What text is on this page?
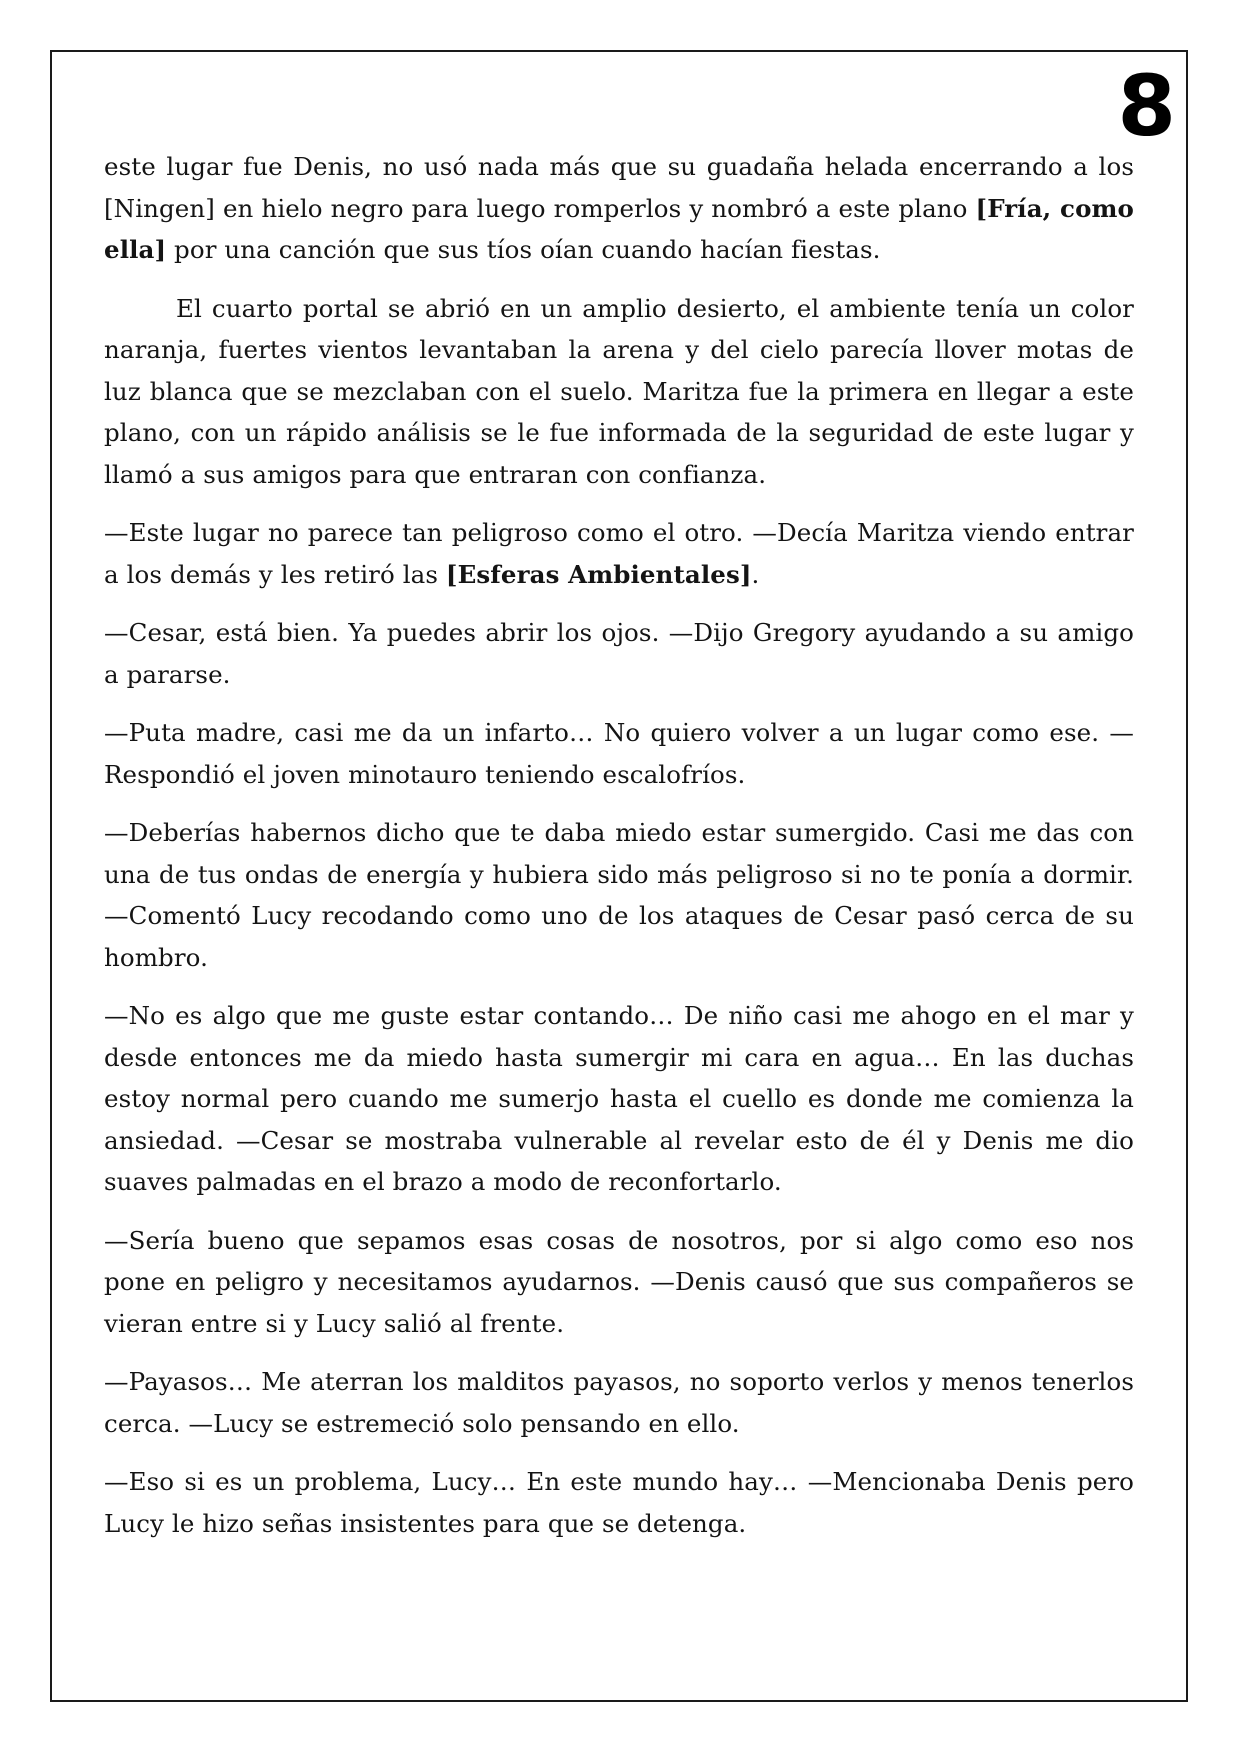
8

este lugar fue Denis, no usó nada más que su guadaña helada encerrando a los [Ningen] en hielo negro para luego romperlos y nombró a este plano [Fría, como ella] por una canción que sus tíos oían cuando hacían fiestas.

El cuarto portal se abrió en un amplio desierto, el ambiente tenía un color naranja, fuertes vientos levantaban la arena y del cielo parecía llover motas de luz blanca que se mezclaban con el suelo. Maritza fue la primera en llegar a este plano, con un rápido análisis se le fue informada de la seguridad de este lugar y llamó a sus amigos para que entraran con confianza.

—Este lugar no parece tan peligroso como el otro. —Decía Maritza viendo entrar a los demás y les retiró las [Esferas Ambientales].

—Cesar, está bien. Ya puedes abrir los ojos. —Dijo Gregory ayudando a su amigo a pararse.

—Puta madre, casi me da un infarto… No quiero volver a un lugar como ese. —Respondió el joven minotauro teniendo escalofríos.

—Deberías habernos dicho que te daba miedo estar sumergido. Casi me das con una de tus ondas de energía y hubiera sido más peligroso si no te ponía a dormir. —Comentó Lucy recodando como uno de los ataques de Cesar pasó cerca de su hombro.

—No es algo que me guste estar contando… De niño casi me ahogo en el mar y desde entonces me da miedo hasta sumergir mi cara en agua… En las duchas estoy normal pero cuando me sumerjo hasta el cuello es donde me comienza la ansiedad. —Cesar se mostraba vulnerable al revelar esto de él y Denis me dio suaves palmadas en el brazo a modo de reconfortarlo.

—Sería bueno que sepamos esas cosas de nosotros, por si algo como eso nos pone en peligro y necesitamos ayudarnos. —Denis causó que sus compañeros se vieran entre si y Lucy salió al frente.

—Payasos… Me aterran los malditos payasos, no soporto verlos y menos tenerlos cerca. —Lucy se estremeció solo pensando en ello.

—Eso si es un problema, Lucy… En este mundo hay… —Mencionaba Denis pero Lucy le hizo señas insistentes para que se detenga.
